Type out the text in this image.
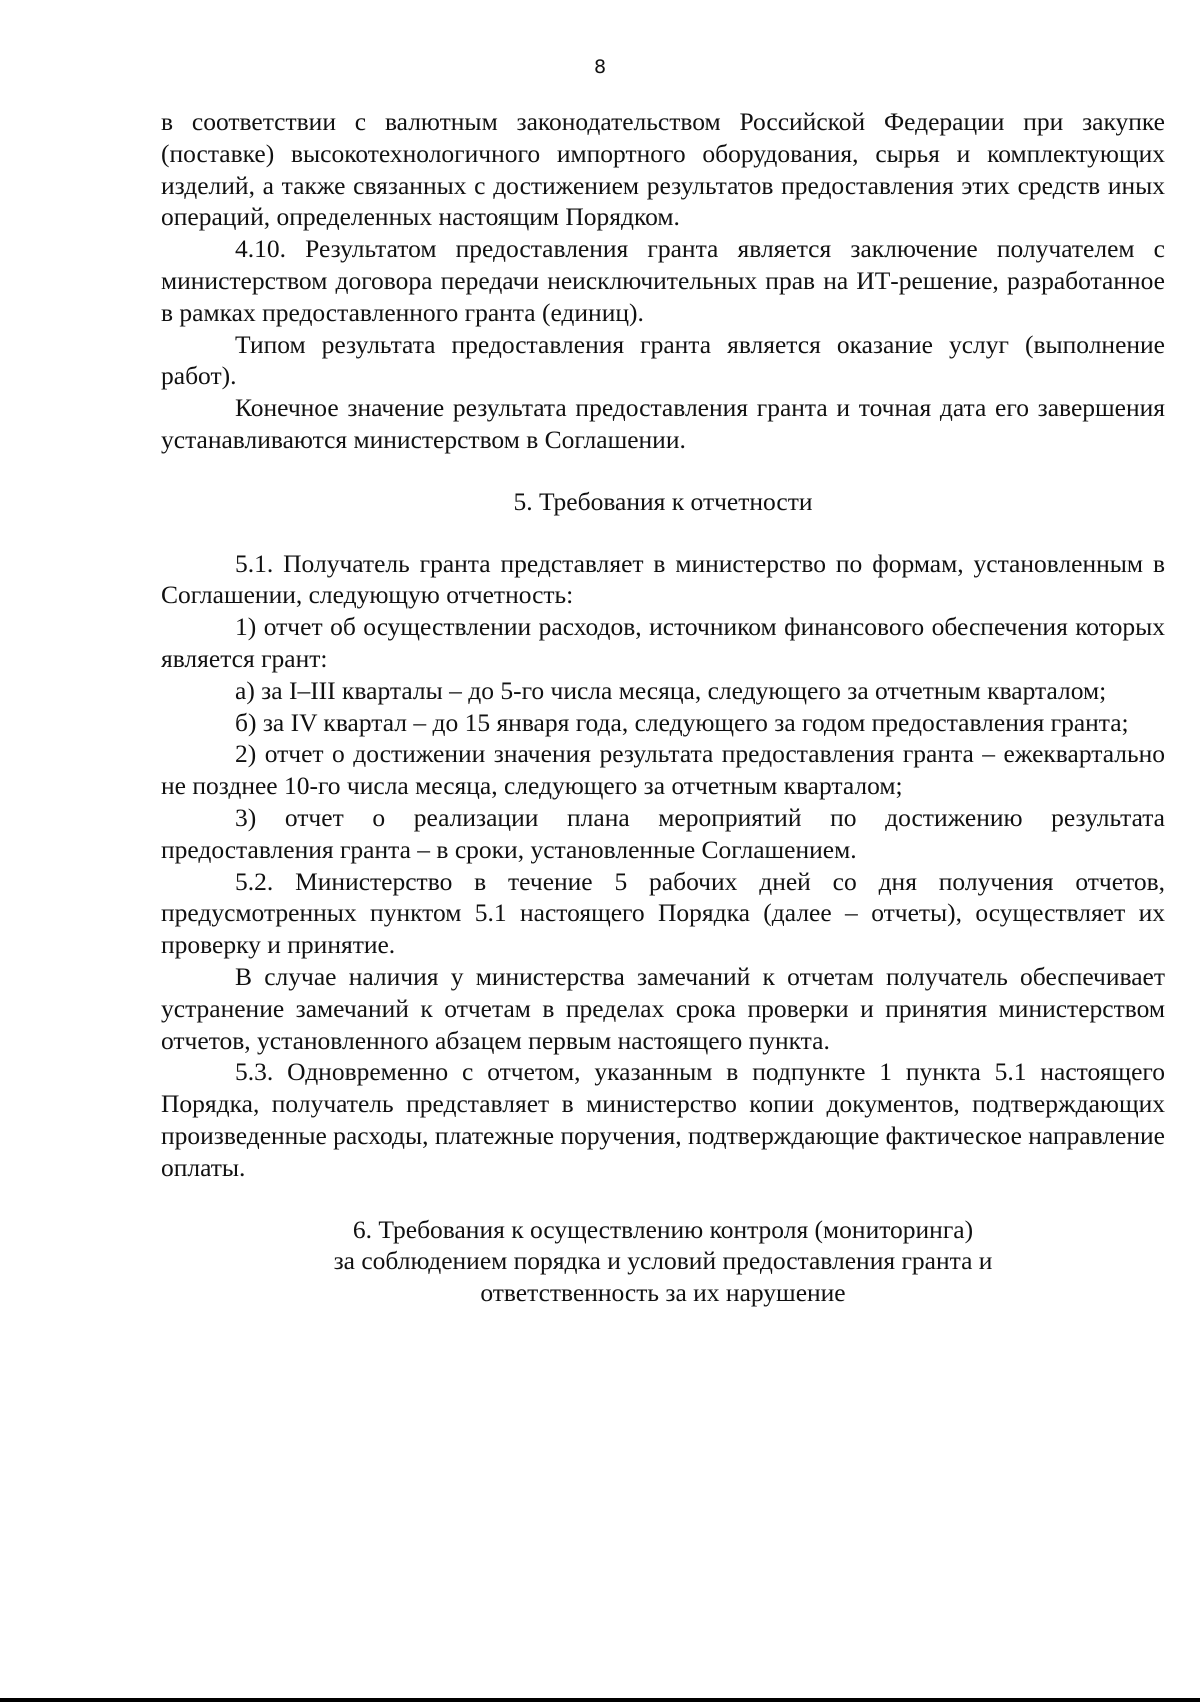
8

в соответствии с валютным законодательством Российской Федерации при закупке (поставке) высокотехнологичного импортного оборудования, сырья и комплектующих изделий, а также связанных с достижением результатов предоставления этих средств иных операций, определенных настоящим Порядком.

4.10. Результатом предоставления гранта является заключение получателем с министерством договора передачи неисключительных прав на ИТ-решение, разработанное в рамках предоставленного гранта (единиц).

Типом результата предоставления гранта является оказание услуг (выполнение работ).

Конечное значение результата предоставления гранта и точная дата его завершения устанавливаются министерством в Соглашении.

5. Требования к отчетности

5.1. Получатель гранта представляет в министерство по формам, установленным в Соглашении, следующую отчетность:

1) отчет об осуществлении расходов, источником финансового обеспечения которых является грант:

а) за I–III кварталы – до 5-го числа месяца, следующего за отчетным кварталом;

б) за IV квартал – до 15 января года, следующего за годом предоставления гранта;

2) отчет о достижении значения результата предоставления гранта – ежеквартально не позднее 10-го числа месяца, следующего за отчетным кварталом;

3) отчет о реализации плана мероприятий по достижению результата предоставления гранта – в сроки, установленные Соглашением.

5.2. Министерство в течение 5 рабочих дней со дня получения отчетов, предусмотренных пунктом 5.1 настоящего Порядка (далее – отчеты), осуществляет их проверку и принятие.

В случае наличия у министерства замечаний к отчетам получатель обеспечивает устранение замечаний к отчетам в пределах срока проверки и принятия министерством отчетов, установленного абзацем первым настоящего пункта.

5.3. Одновременно с отчетом, указанным в подпункте 1 пункта 5.1 настоящего Порядка, получатель представляет в министерство копии документов, подтверждающих произведенные расходы, платежные поручения, подтверждающие фактическое направление оплаты.

6. Требования к осуществлению контроля (мониторинга)
за соблюдением порядка и условий предоставления гранта и
ответственность за их нарушение
